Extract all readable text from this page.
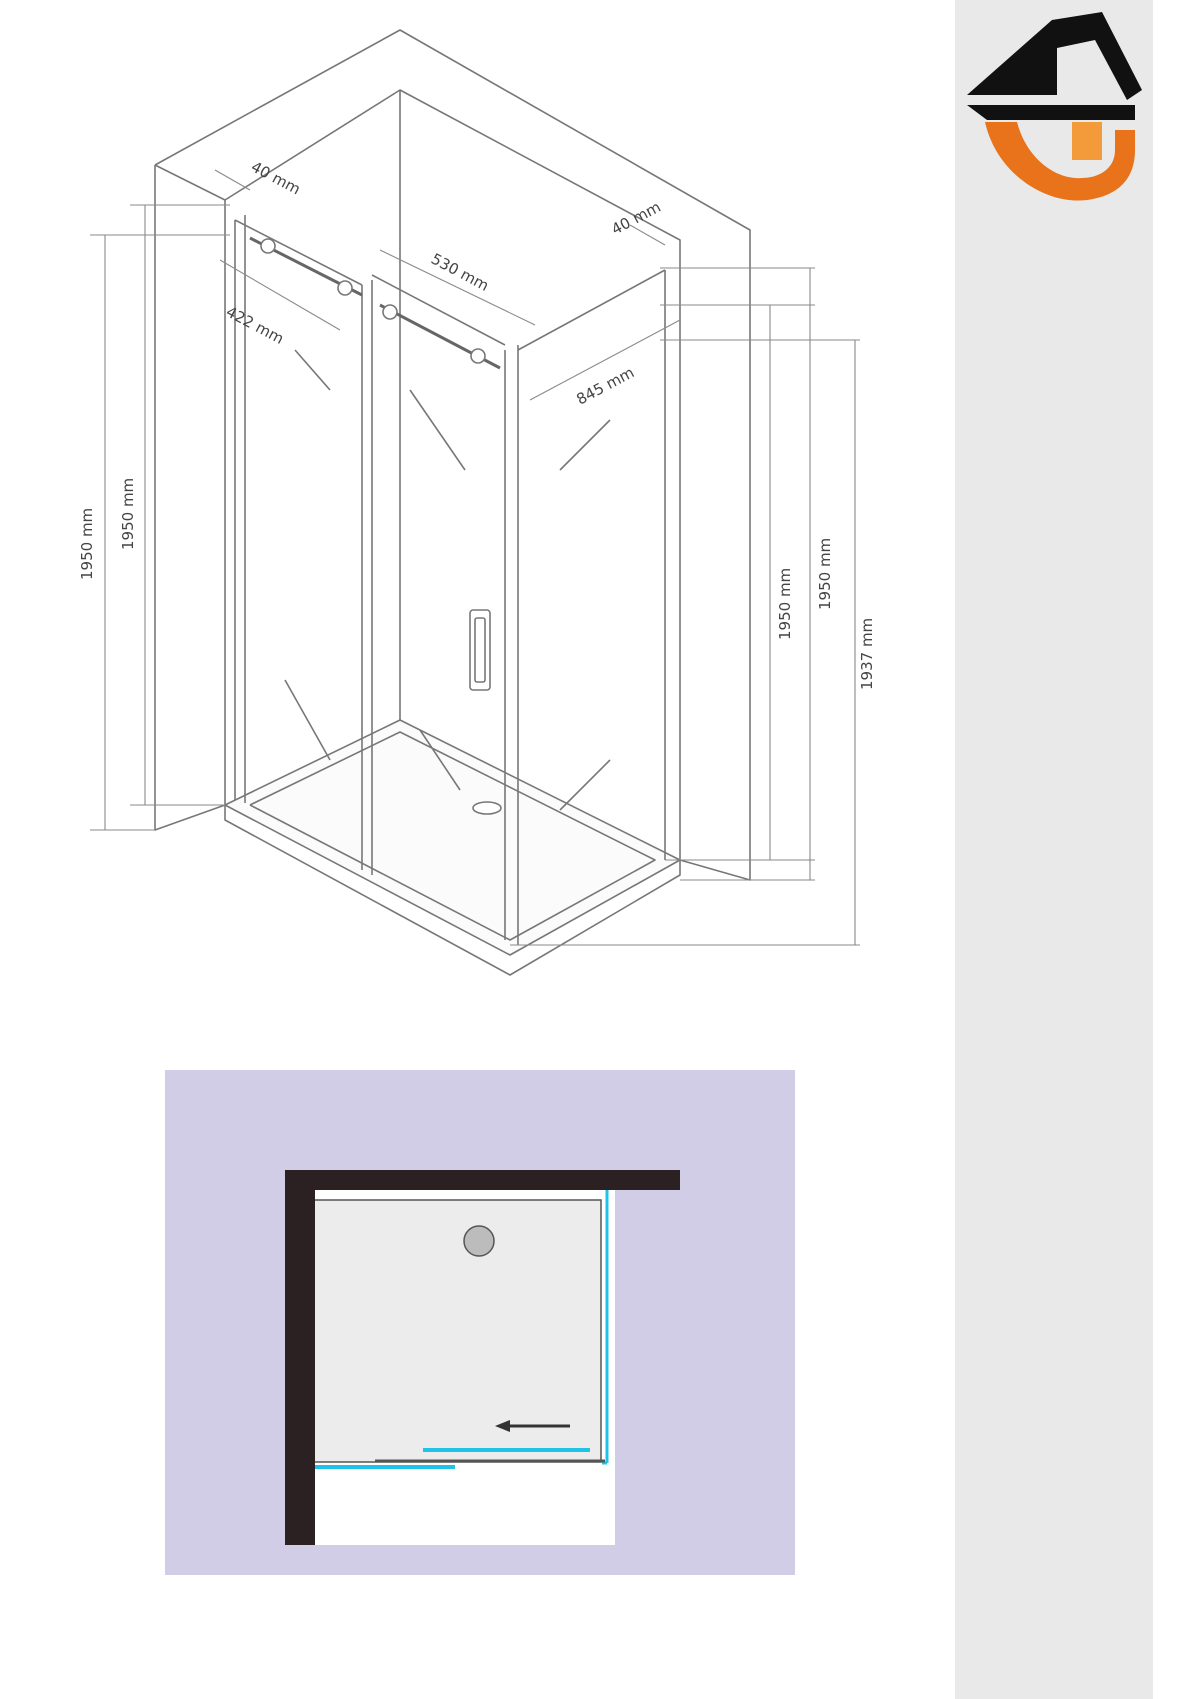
40 mm
530 mm
422 mm
40 mm
845 mm
1950 mm 1950 mm
1950 mm 1950 mm
1937 mm
